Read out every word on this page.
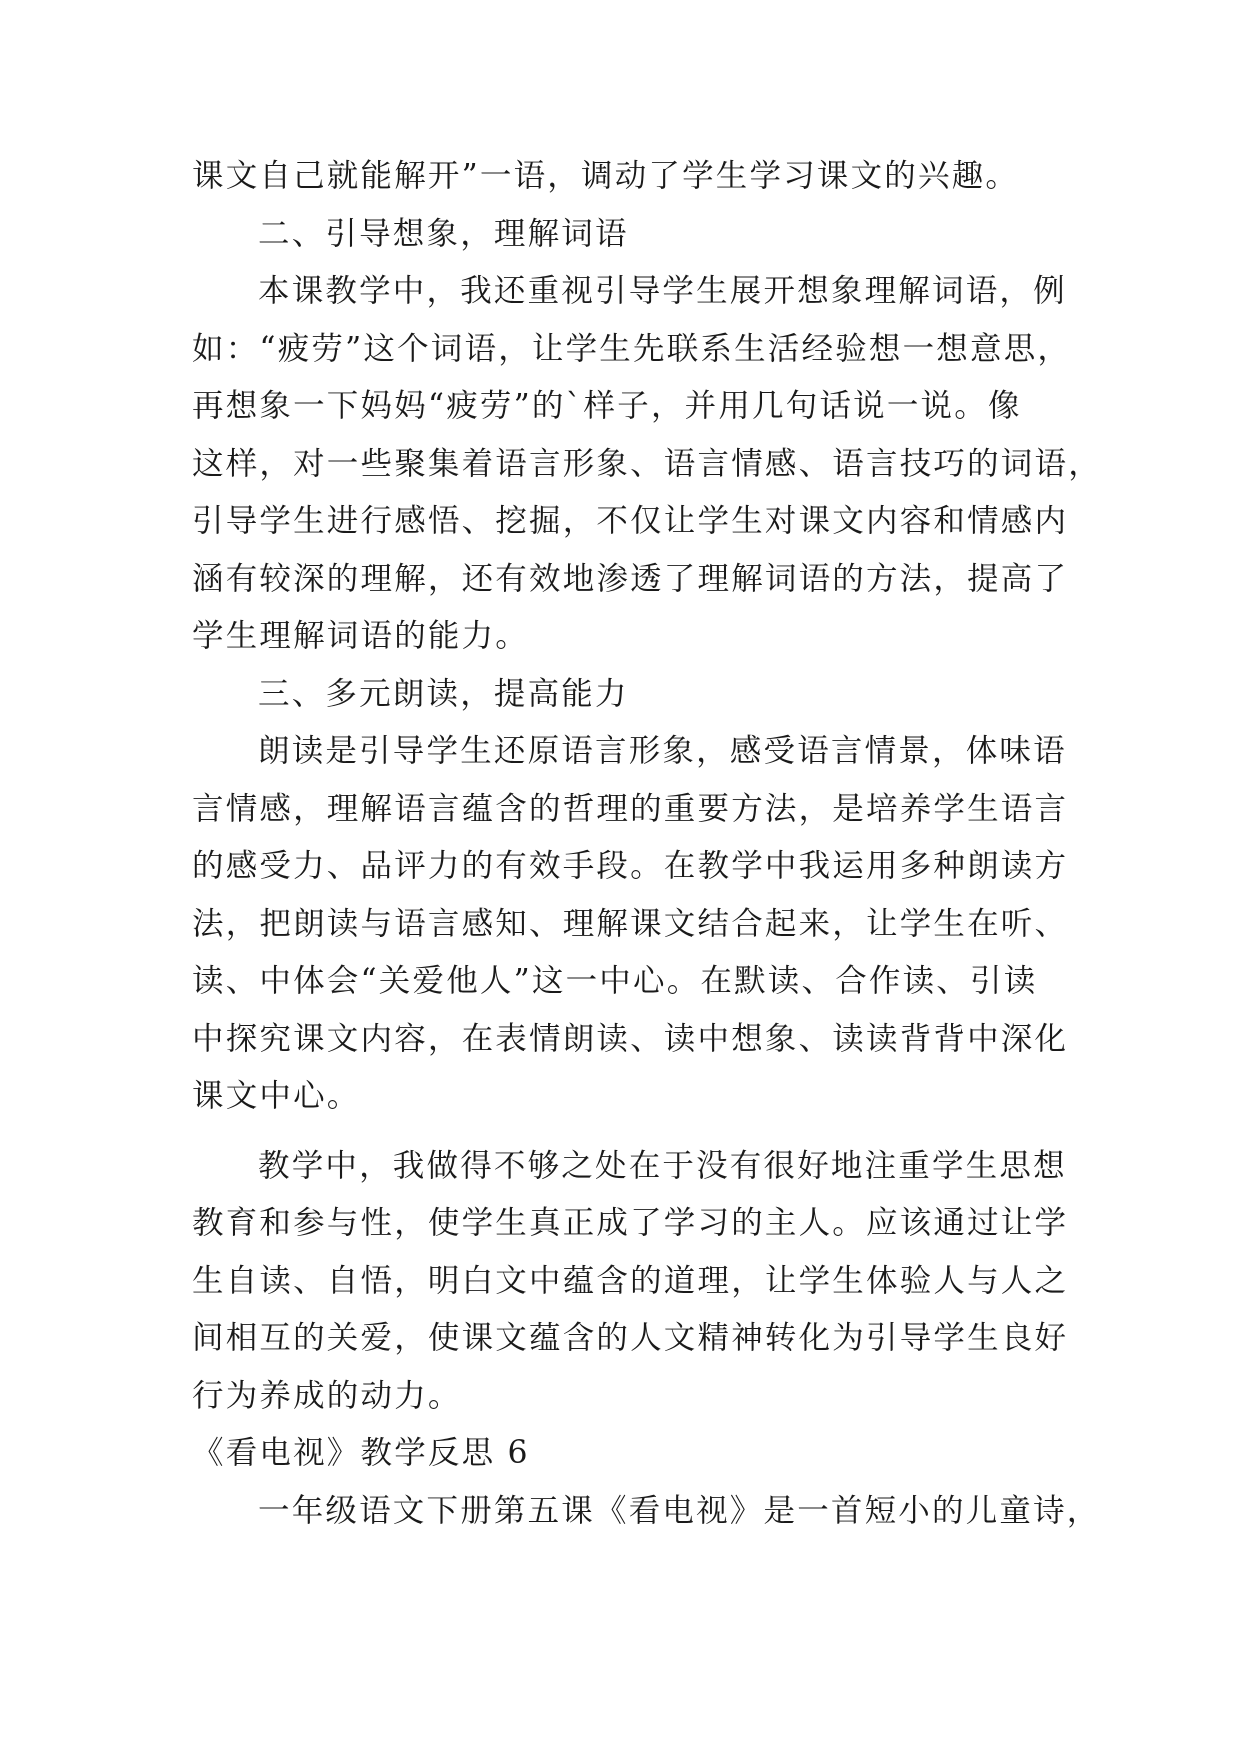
课文自己就能解开”一语，调动了学生学习课文的兴趣。
二、引导想象，理解词语
本课教学中，我还重视引导学生展开想象理解词语，例
如：“疲劳”这个词语，让学生先联系生活经验想一想意思，
再想象一下妈妈“疲劳”的`样子，并用几句话说一说。像
这样，对一些聚集着语言形象、语言情感、语言技巧的词语，
引导学生进行感悟、挖掘，不仅让学生对课文内容和情感内
涵有较深的理解，还有效地渗透了理解词语的方法，提高了
学生理解词语的能力。
三、多元朗读，提高能力
朗读是引导学生还原语言形象，感受语言情景，体味语
言情感，理解语言蕴含的哲理的重要方法，是培养学生语言
的感受力、品评力的有效手段。在教学中我运用多种朗读方
法，把朗读与语言感知、理解课文结合起来，让学生在听、
读、中体会“关爱他人”这一中心。在默读、合作读、引读
中探究课文内容，在表情朗读、读中想象、读读背背中深化
课文中心。
教学中，我做得不够之处在于没有很好地注重学生思想
教育和参与性，使学生真正成了学习的主人。应该通过让学
生自读、自悟，明白文中蕴含的道理，让学生体验人与人之
间相互的关爱，使课文蕴含的人文精神转化为引导学生良好
行为养成的动力。
《看电视》教学反思 6
一年级语文下册第五课《看电视》是一首短小的儿童诗，
